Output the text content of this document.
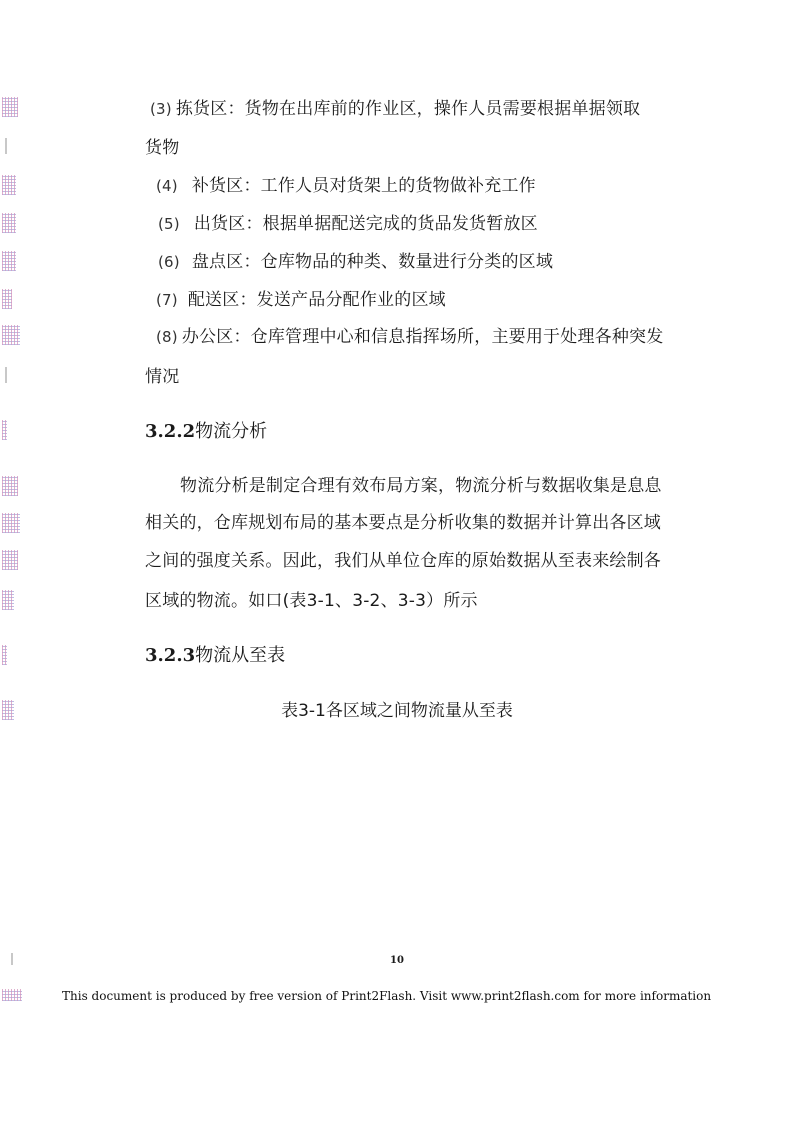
(3) 拣货区：货物在出库前的作业区，操作人员需要根据单据领取
货物
(4) 补货区：工作人员对货架上的货物做补充工作
(5) 出货区：根据单据配送完成的货品发货暂放区
(6) 盘点区：仓库物品的种类、数量进行分类的区域
(7) 配送区：发送产品分配作业的区域
(8) 办公区：仓库管理中心和信息指挥场所，主要用于处理各种突发
情况
3.2.2物流分析
物流分析是制定合理有效布局方案，物流分析与数据收集是息息
相关的，仓库规划布局的基本要点是分析收集的数据并计算出各区域
之间的强度关系。因此，我们从单位仓库的原始数据从至表来绘制各
区域的物流。如口(表3-1、3-2、3-3）所示
3.2.3物流从至表
表3-1各区域之间物流量从至表
10
This document is produced by free version of Print2Flash. Visit www.print2flash.com for more information
